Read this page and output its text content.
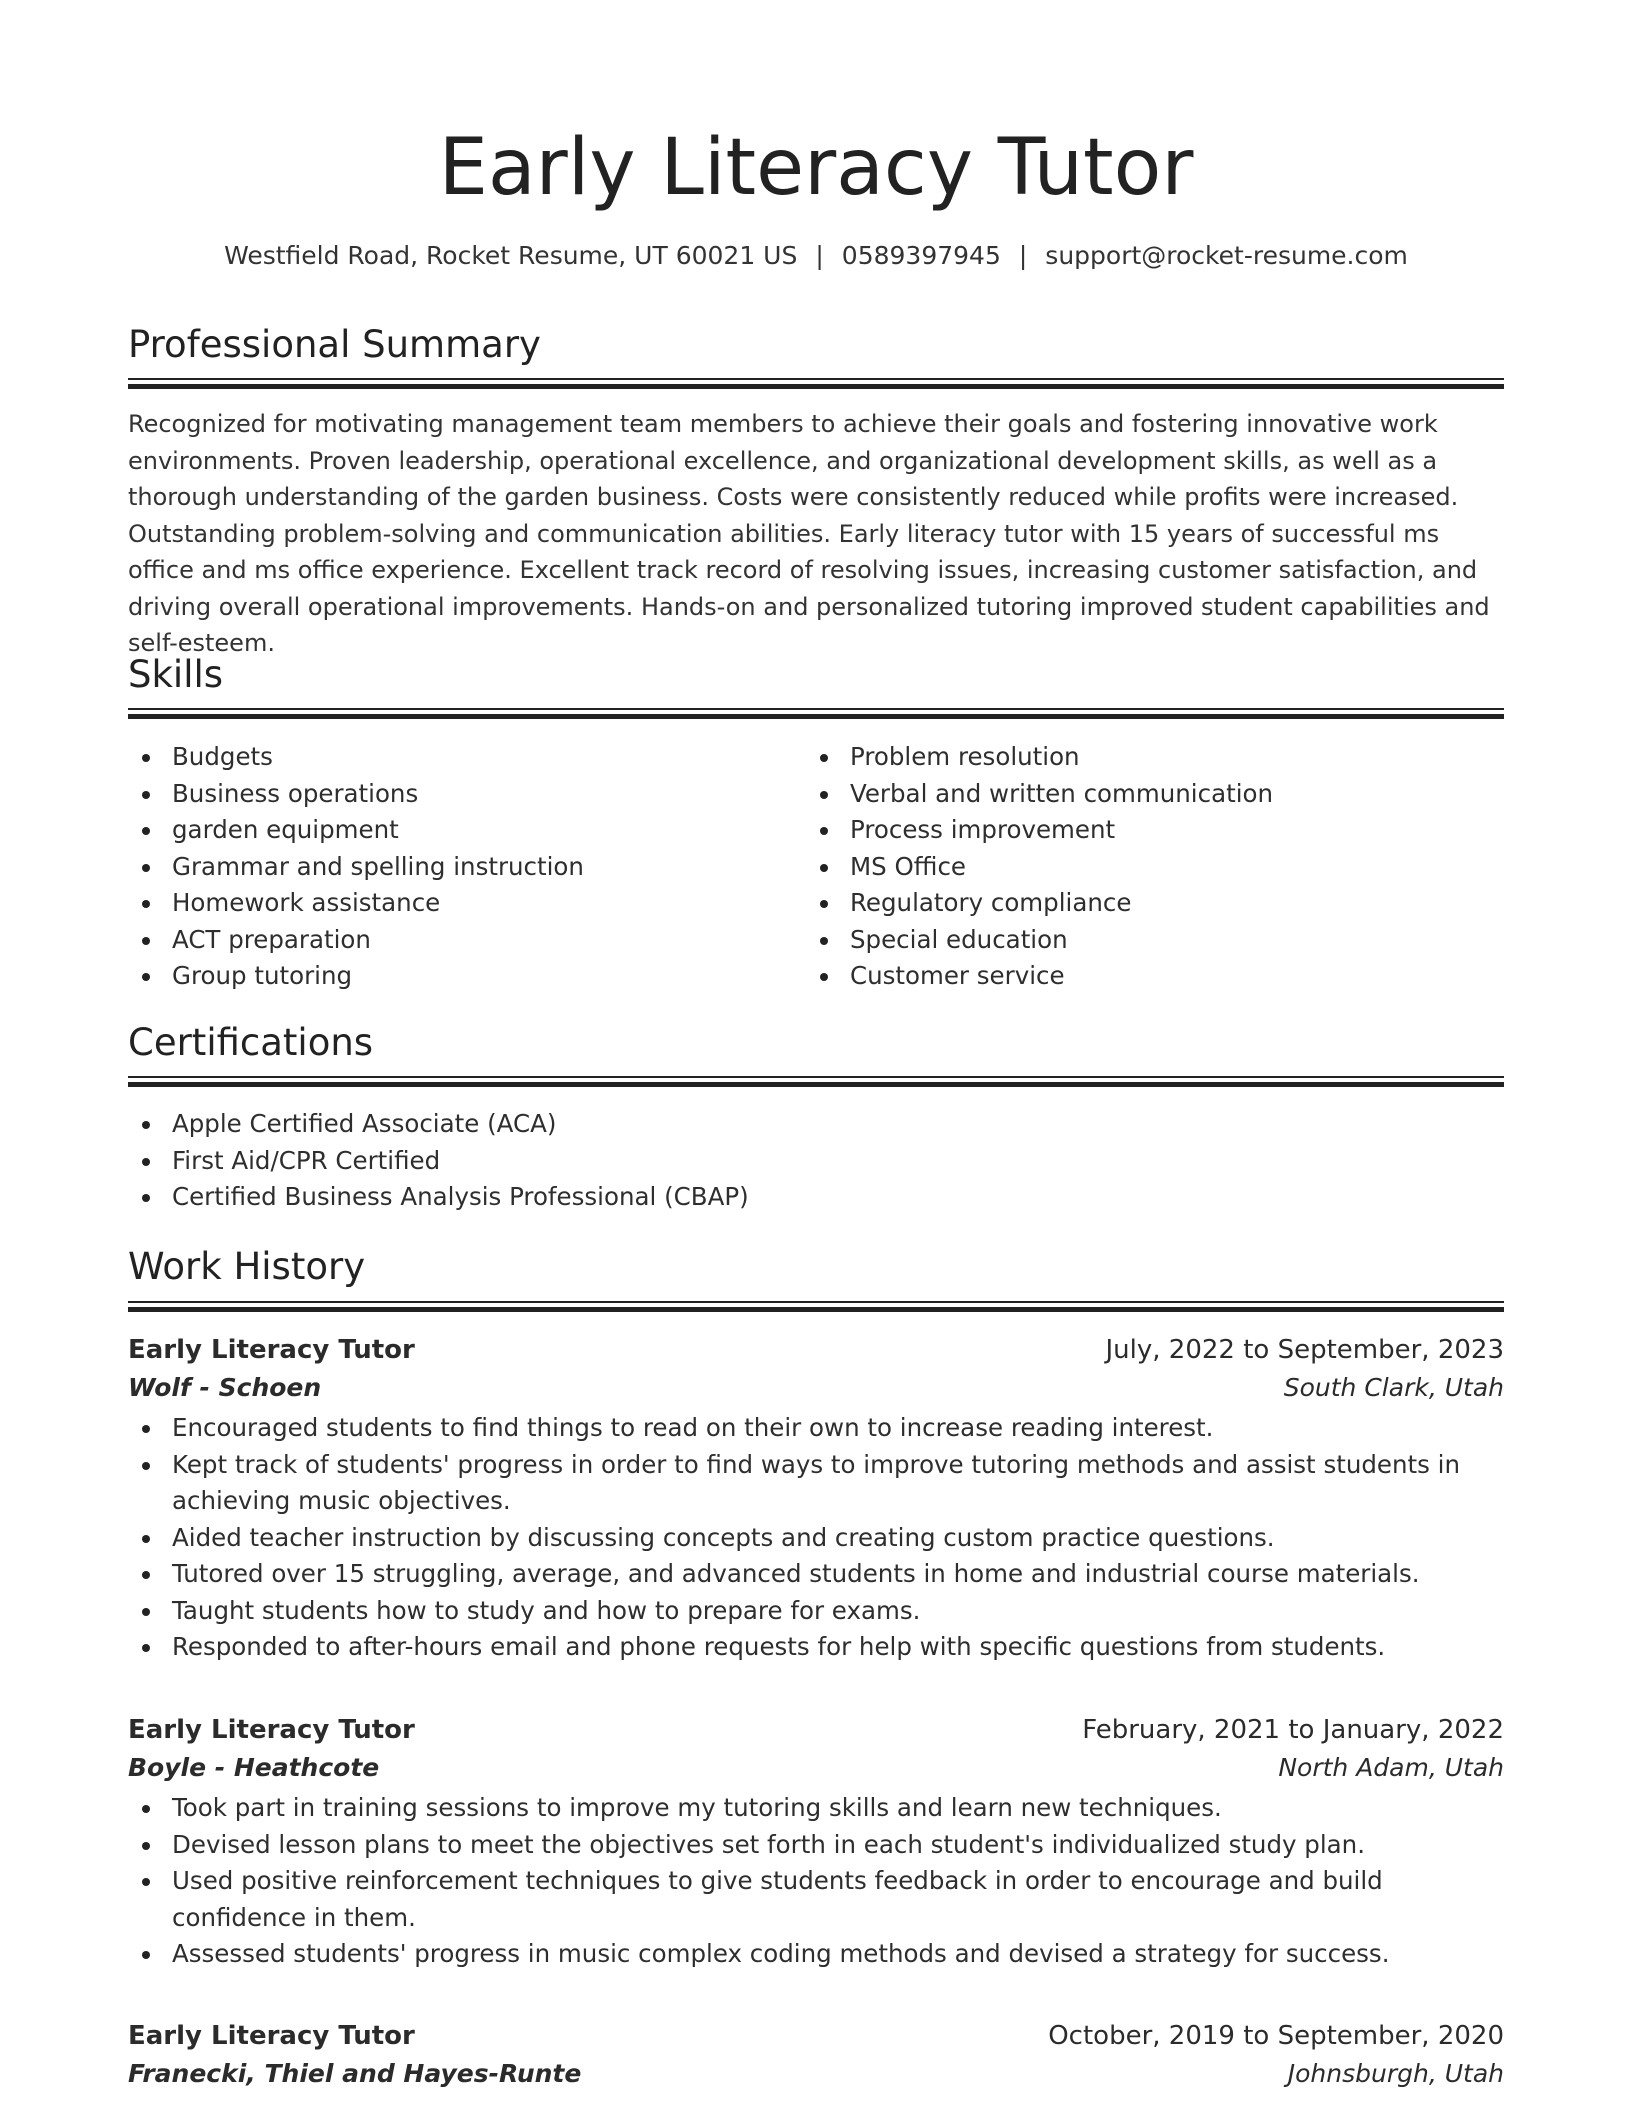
Early Literacy Tutor
Westfield Road, Rocket Resume, UT 60021 US | 0589397945 | support@rocket-resume.com
Professional Summary

Recognized for motivating management team members to achieve their goals and fostering innovative work environments. Proven leadership, operational excellence, and organizational development skills, as well as a thorough understanding of the garden business. Costs were consistently reduced while profits were increased. Outstanding problem-solving and communication abilities. Early literacy tutor with 15 years of successful ms office and ms office experience. Excellent track record of resolving issues, increasing customer satisfaction, and driving overall operational improvements. Hands-on and personalized tutoring improved student capabilities and self-esteem.

Skills
Budgets
Business operations
garden equipment
Grammar and spelling instruction
Homework assistance
ACT preparation
Group tutoring
Problem resolution
Verbal and written communication
Process improvement
MS Office
Regulatory compliance
Special education
Customer service
Certifications
Apple Certified Associate (ACA)
First Aid/CPR Certified
Certified Business Analysis Professional (CBAP)
Work History
Early Literacy Tutor	July, 2022 to September, 2023
Wolf - Schoen	South Clark, Utah
Encouraged students to find things to read on their own to increase reading interest.
Kept track of students' progress in order to find ways to improve tutoring methods and assist students in achieving music objectives.
Aided teacher instruction by discussing concepts and creating custom practice questions.
Tutored over 15 struggling, average, and advanced students in home and industrial course materials.
Taught students how to study and how to prepare for exams.
Responded to after-hours email and phone requests for help with specific questions from students.
Early Literacy Tutor	February, 2021 to January, 2022
Boyle - Heathcote	North Adam, Utah
Took part in training sessions to improve my tutoring skills and learn new techniques.
Devised lesson plans to meet the objectives set forth in each student's individualized study plan.
Used positive reinforcement techniques to give students feedback in order to encourage and build confidence in them.
Assessed students' progress in music complex coding methods and devised a strategy for success.
Early Literacy Tutor	October, 2019 to September, 2020
Franecki, Thiel and Hayes-Runte	Johnsburgh, Utah
